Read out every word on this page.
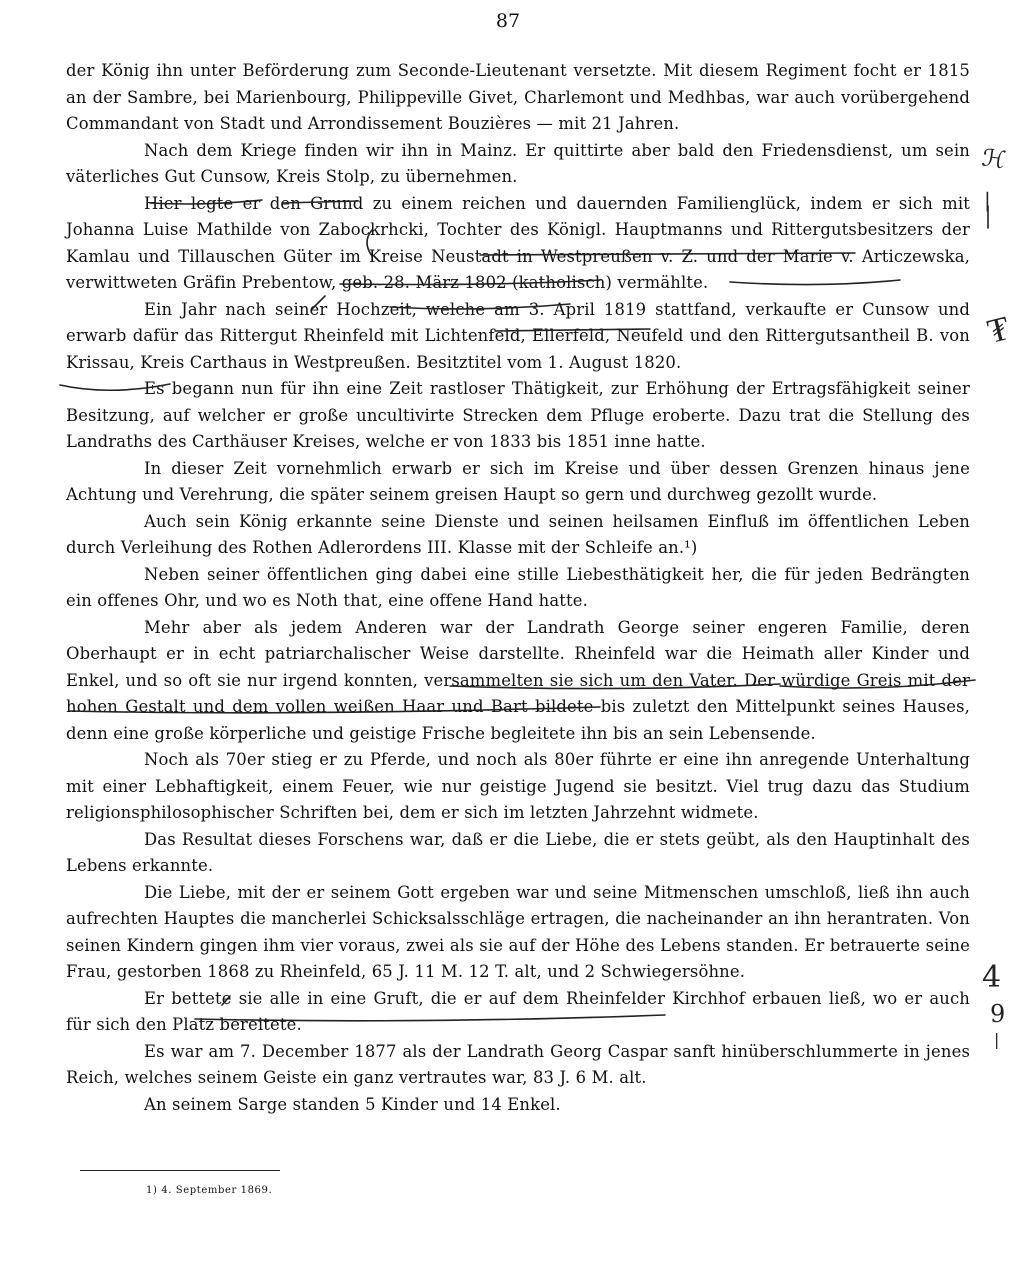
87

der König ihn unter Beförderung zum Seconde-Lieutenant versetzte. Mit diesem Regiment focht er 1815 an der Sambre, bei Marienbourg, Philippeville Givet, Charlemont und Medhbas, war auch vorübergehend Commandant von Stadt und Arrondissement Bouzières — mit 21 Jahren.

Nach dem Kriege finden wir ihn in Mainz. Er quittirte aber bald den Friedensdienst, um sein väterliches Gut Cunsow, Kreis Stolp, zu übernehmen.

Hier legte er den Grund zu einem reichen und dauernden Familienglück, indem er sich mit Johanna Luise Mathilde von Zabockrhcki, Tochter des Königl. Hauptmanns und Rittergutsbesitzers der Kamlau und Tillauschen Güter im Kreise Neustadt in Westpreußen v. Z. und der Marie v. Articzewska, verwittweten Gräfin Prebentow, geb. 28. März 1802 (katholisch) vermählte.

Ein Jahr nach seiner Hochzeit, welche am 3. April 1819 stattfand, verkaufte er Cunsow und erwarb dafür das Rittergut Rheinfeld mit Lichtenfeld, Ellerfeld, Neufeld und den Rittergutsantheil B. von Krissau, Kreis Carthaus in Westpreußen. Besitztitel vom 1. August 1820.

Es begann nun für ihn eine Zeit rastloser Thätigkeit, zur Erhöhung der Ertragsfähigkeit seiner Besitzung, auf welcher er große uncultivirte Strecken dem Pfluge eroberte. Dazu trat die Stellung des Landraths des Carthäuser Kreises, welche er von 1833 bis 1851 inne hatte.

In dieser Zeit vornehmlich erwarb er sich im Kreise und über dessen Grenzen hinaus jene Achtung und Verehrung, die später seinem greisen Haupt so gern und durchweg gezollt wurde.

Auch sein König erkannte seine Dienste und seinen heilsamen Einfluß im öffentlichen Leben durch Verleihung des Rothen Adlerordens III. Klasse mit der Schleife an.¹)

Neben seiner öffentlichen ging dabei eine stille Liebesthätigkeit her, die für jeden Bedrängten ein offenes Ohr, und wo es Noth that, eine offene Hand hatte.

Mehr aber als jedem Anderen war der Landrath George seiner engeren Familie, deren Oberhaupt er in echt patriarchalischer Weise darstellte. Rheinfeld war die Heimath aller Kinder und Enkel, und so oft sie nur irgend konnten, versammelten sie sich um den Vater. Der würdige Greis mit der hohen Gestalt und dem vollen weißen Haar und Bart bildete bis zuletzt den Mittelpunkt seines Hauses, denn eine große körperliche und geistige Frische begleitete ihn bis an sein Lebensende.

Noch als 70er stieg er zu Pferde, und noch als 80er führte er eine ihn anregende Unterhaltung mit einer Lebhaftigkeit, einem Feuer, wie nur geistige Jugend sie besitzt. Viel trug dazu das Studium religionsphilosophischer Schriften bei, dem er sich im letzten Jahrzehnt widmete.

Das Resultat dieses Forschens war, daß er die Liebe, die er stets geübt, als den Hauptinhalt des Lebens erkannte.

Die Liebe, mit der er seinem Gott ergeben war und seine Mitmenschen umschloß, ließ ihn auch aufrechten Hauptes die mancherlei Schicksalsschläge ertragen, die nacheinander an ihn herantraten. Von seinen Kindern gingen ihm vier voraus, zwei als sie auf der Höhe des Lebens standen. Er betrauerte seine Frau, gestorben 1868 zu Rheinfeld, 65 J. 11 M. 12 T. alt, und 2 Schwiegersöhne.

Er bettete sie alle in eine Gruft, die er auf dem Rheinfelder Kirchhof erbauen ließ, wo er auch für sich den Platz bereitete.

Es war am 7. December 1877 als der Landrath Georg Caspar sanft hinüberschlummerte in jenes Reich, welches seinem Geiste ein ganz vertrautes war, 83 J. 6 M. alt.

An seinem Sarge standen 5 Kinder und 14 Enkel.

1) 4. September 1869.
ℋ
|
₮
4
9
|
